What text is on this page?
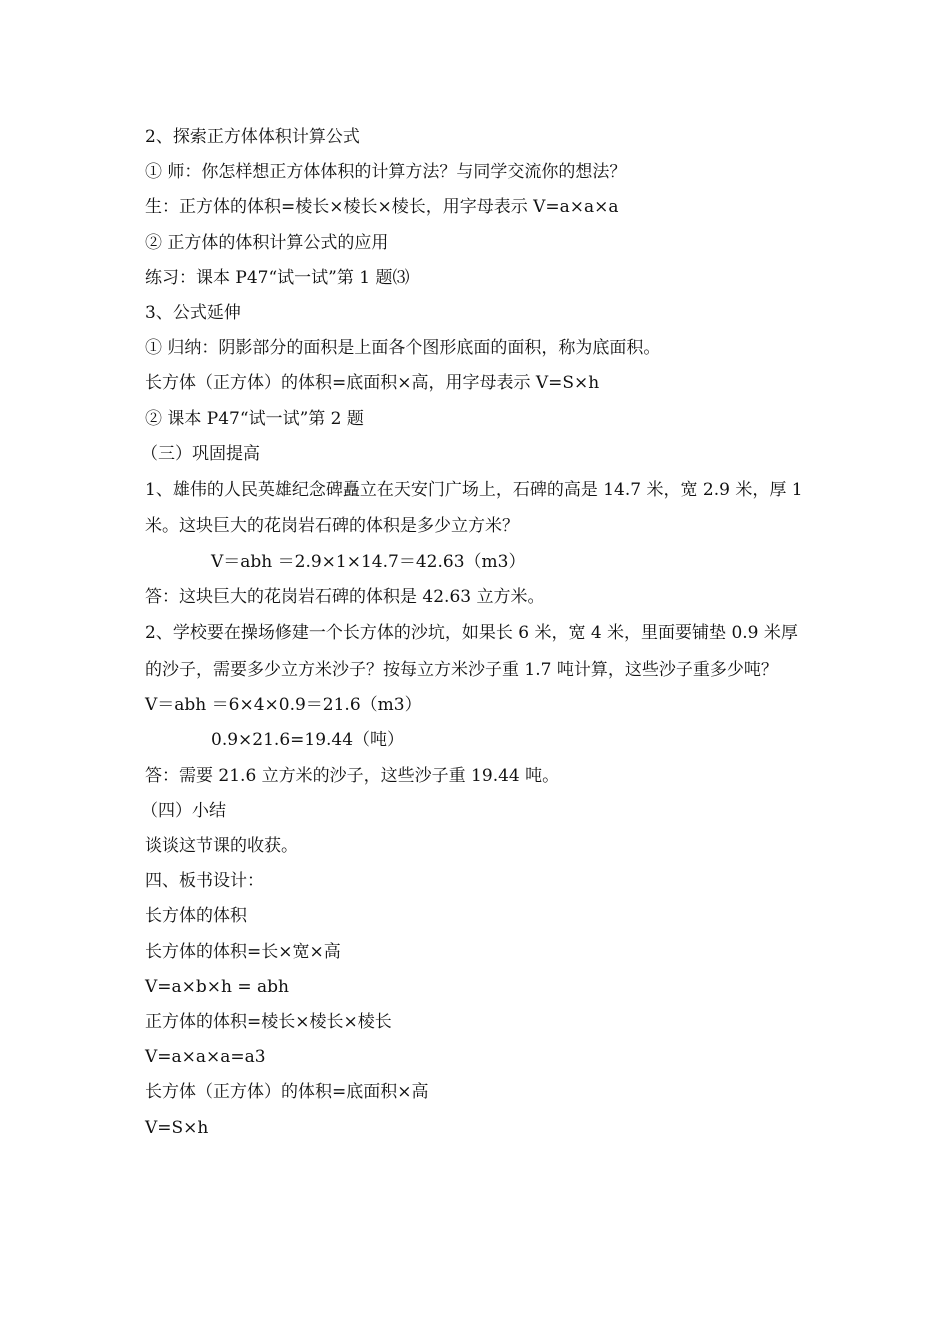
2、探索正方体体积计算公式
① 师：你怎样想正方体体积的计算方法？与同学交流你的想法？
生：正方体的体积=棱长×棱长×棱长，用字母表示 V=a×a×a
② 正方体的体积计算公式的应用
练习：课本 P47“试一试”第 1 题⑶
3、公式延伸
① 归纳：阴影部分的面积是上面各个图形底面的面积，称为底面积。
长方体（正方体）的体积=底面积×高，用字母表示 V=S×h
② 课本 P47“试一试”第 2 题
（三）巩固提高
1、雄伟的人民英雄纪念碑矗立在天安门广场上，石碑的高是 14.7 米，宽 2.9 米，厚 1 米。这块巨大的花岗岩石碑的体积是多少立方米？
V＝abh ＝2.9×1×14.7＝42.63（m3）
答：这块巨大的花岗岩石碑的体积是 42.63 立方米。
2、学校要在操场修建一个长方体的沙坑，如果长 6 米，宽 4 米，里面要铺垫 0.9 米厚的沙子，需要多少立方米沙子？按每立方米沙子重 1.7 吨计算，这些沙子重多少吨？
V＝abh ＝6×4×0.9＝21.6（m3）
0.9×21.6=19.44（吨）
答：需要 21.6 立方米的沙子，这些沙子重 19.44 吨。
（四）小结
谈谈这节课的收获。
四、板书设计：
长方体的体积
长方体的体积=长×宽×高
V=a×b×h = abh
正方体的体积=棱长×棱长×棱长
V=a×a×a=a3
长方体（正方体）的体积=底面积×高
V=S×h
